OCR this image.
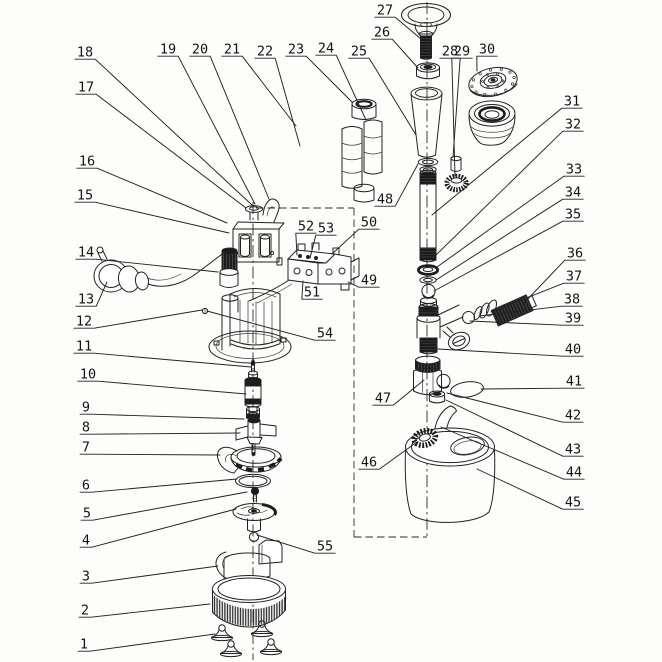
1
2
3
4
5
6
7
8
9
10
11
12
13
14
15
16
17
18	19 20 21 22 23 24 25
26
27
28
29 30
31
32
33
34
35
36
37
38
39
40
41
42
43
44
45
46
47
48
49
50
51
52 53
54
55
